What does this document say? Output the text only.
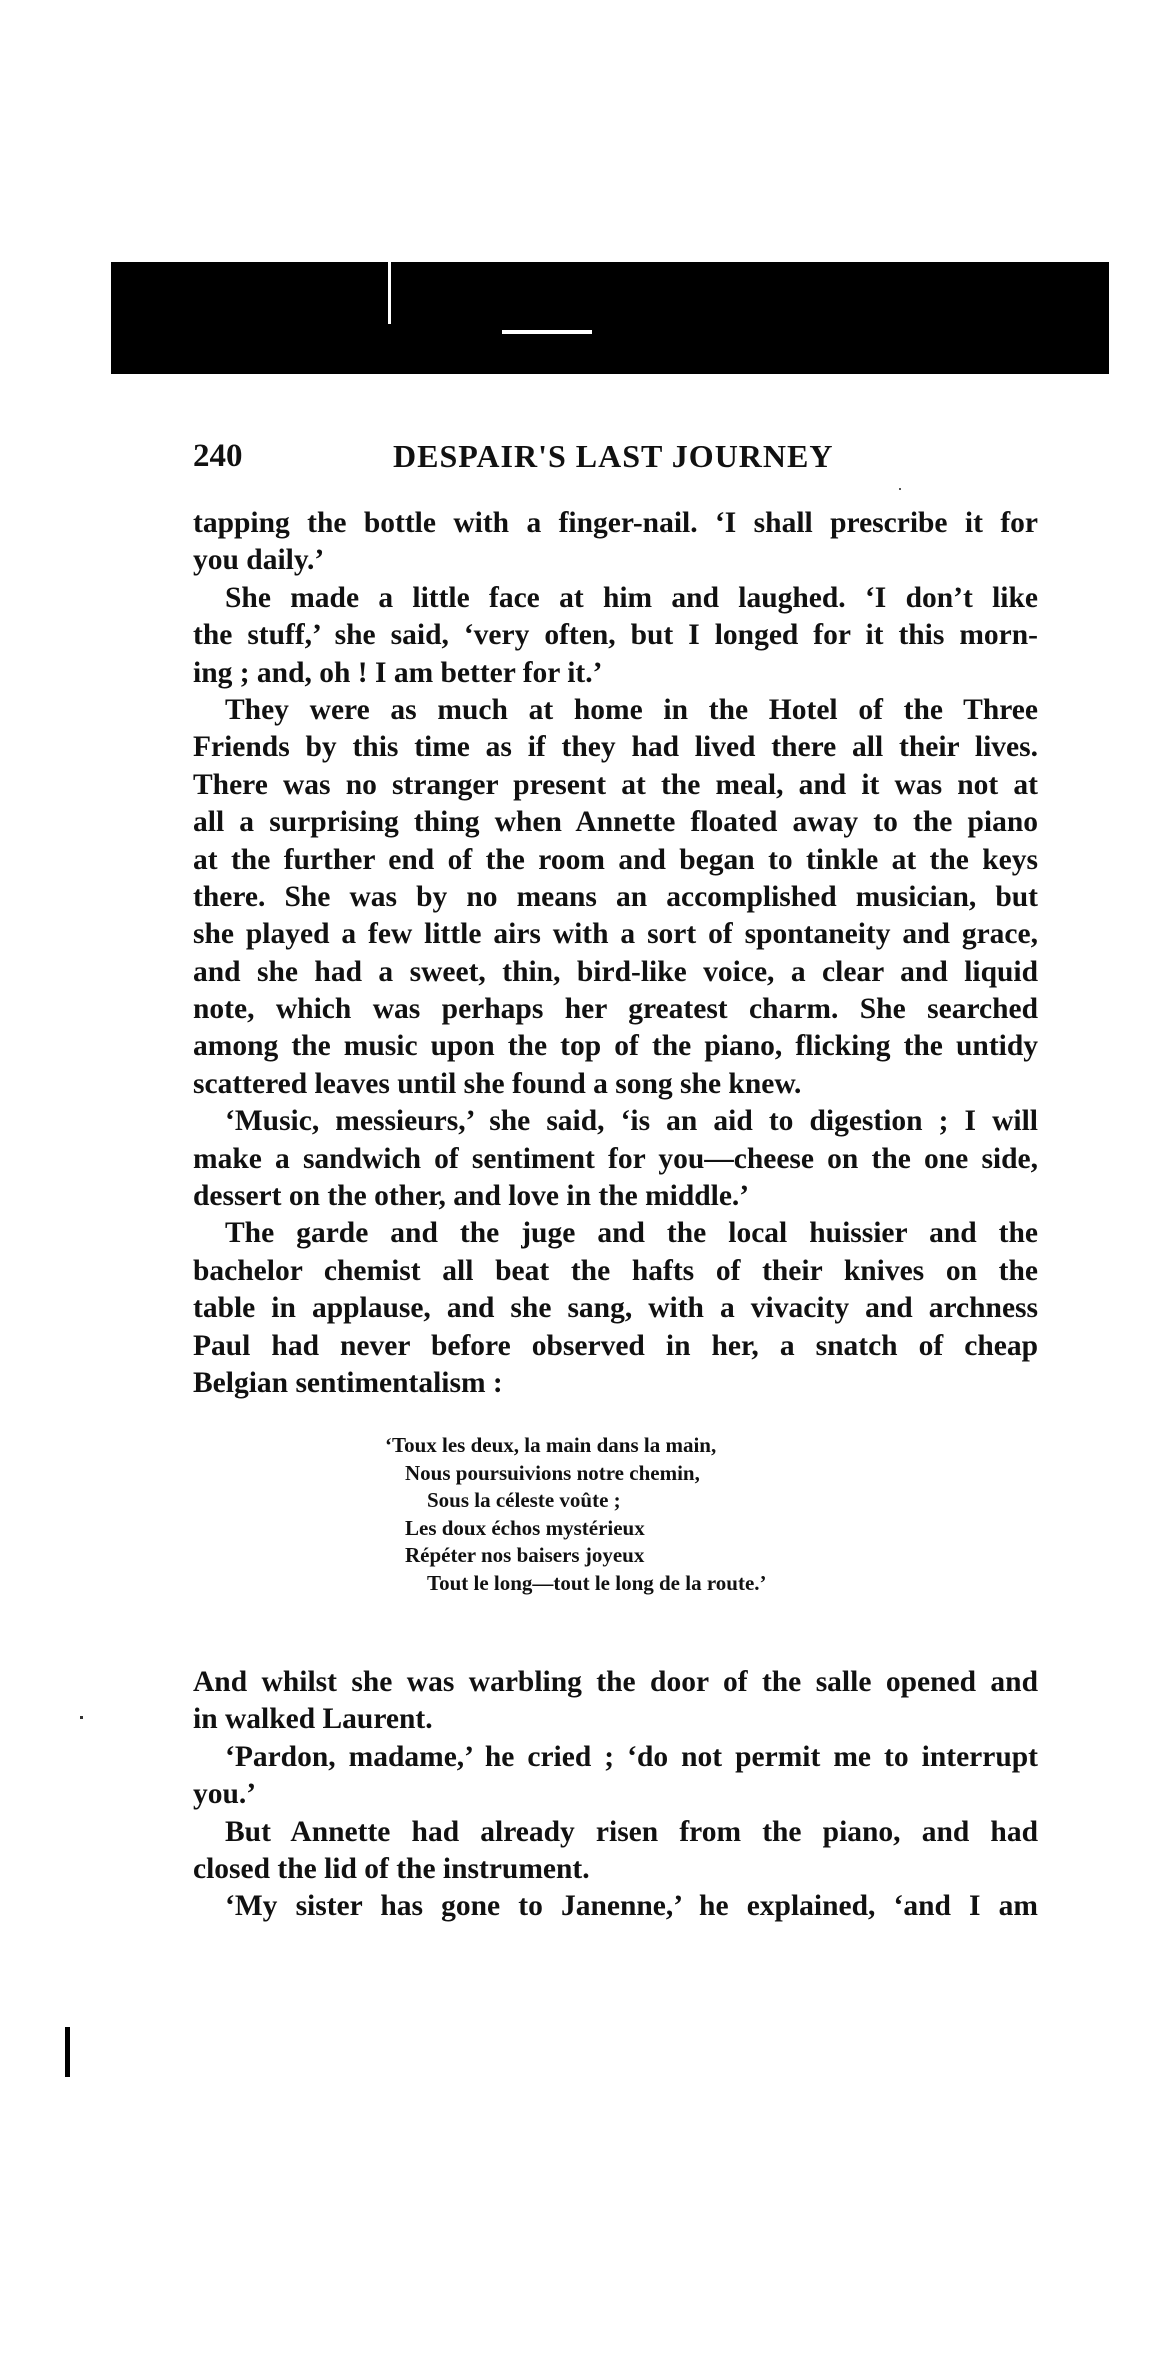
240	DESPAIR'S LAST JOURNEY
tapping the bottle with a finger-nail. ‘I shall prescribe it for
you daily.’
She made a little face at him and laughed. ‘I don’t like
the stuff,’ she said, ‘very often, but I longed for it this morn-
ing ; and, oh ! I am better for it.’
They were as much at home in the Hotel of the Three
Friends by this time as if they had lived there all their lives.
There was no stranger present at the meal, and it was not at
all a surprising thing when Annette floated away to the piano
at the further end of the room and began to tinkle at the keys
there. She was by no means an accomplished musician, but
she played a few little airs with a sort of spontaneity and grace,
and she had a sweet, thin, bird-like voice, a clear and liquid
note, which was perhaps her greatest charm. She searched
among the music upon the top of the piano, flicking the untidy
scattered leaves until she found a song she knew.
‘Music, messieurs,’ she said, ‘is an aid to digestion ; I will
make a sandwich of sentiment for you—cheese on the one side,
dessert on the other, and love in the middle.’
The garde and the juge and the local huissier and the
bachelor chemist all beat the hafts of their knives on the
table in applause, and she sang, with a vivacity and archness
Paul had never before observed in her, a snatch of cheap
Belgian sentimentalism :
‘Toux les deux, la main dans la main,
Nous poursuivions notre chemin,
Sous la céleste voûte ;
Les doux échos mystérieux
Répéter nos baisers joyeux
Tout le long—tout le long de la route.’
And whilst she was warbling the door of the salle opened and
in walked Laurent.
‘Pardon, madame,’ he cried ; ‘do not permit me to interrupt
you.’
But Annette had already risen from the piano, and had
closed the lid of the instrument.
‘My sister has gone to Janenne,’ he explained, ‘and I am
